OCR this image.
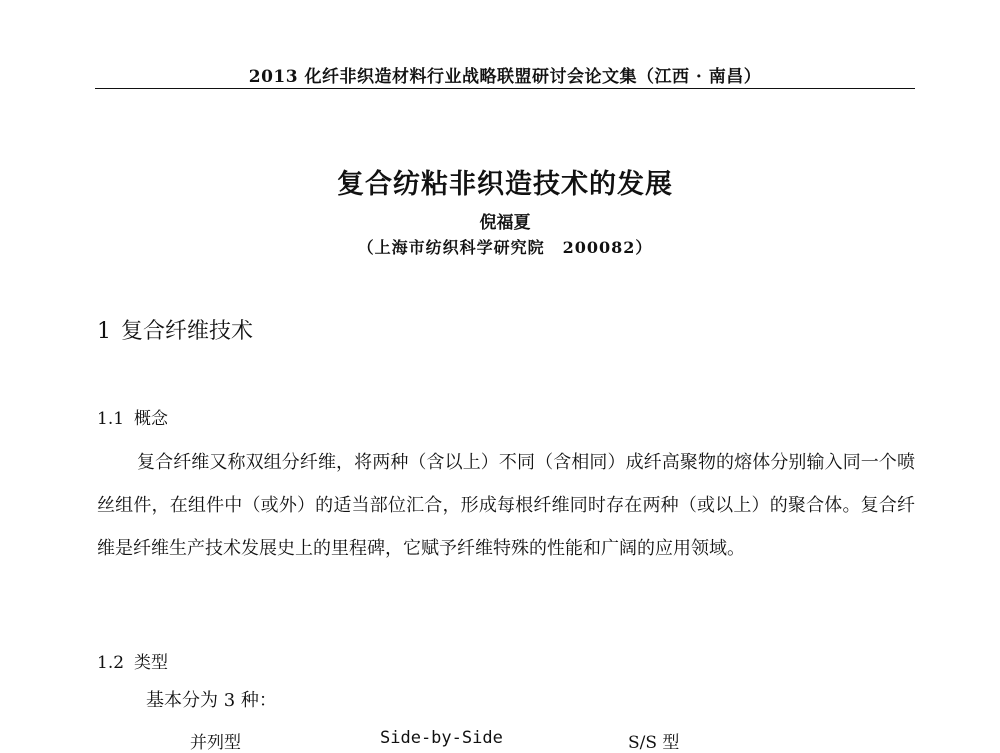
2013 化纤非织造材料行业战略联盟研讨会论文集（江西 · 南昌）
复合纺粘非织造技术的发展
倪福夏
（上海市纺织科学研究院 200082）
1 复合纤维技术
1.1 概念

复合纤维又称双组分纤维，将两种（含以上）不同（含相同）成纤高聚物的熔体分别输入同一个喷丝组件，在组件中（或外）的适当部位汇合，形成每根纤维同时存在两种（或以上）的聚合体。复合纤维是纤维生产技术发展史上的里程碑，它赋予纤维特殊的性能和广阔的应用领域。

1.2 类型
基本分为 3 种：
并列型	Side-by-Side	S/S 型
